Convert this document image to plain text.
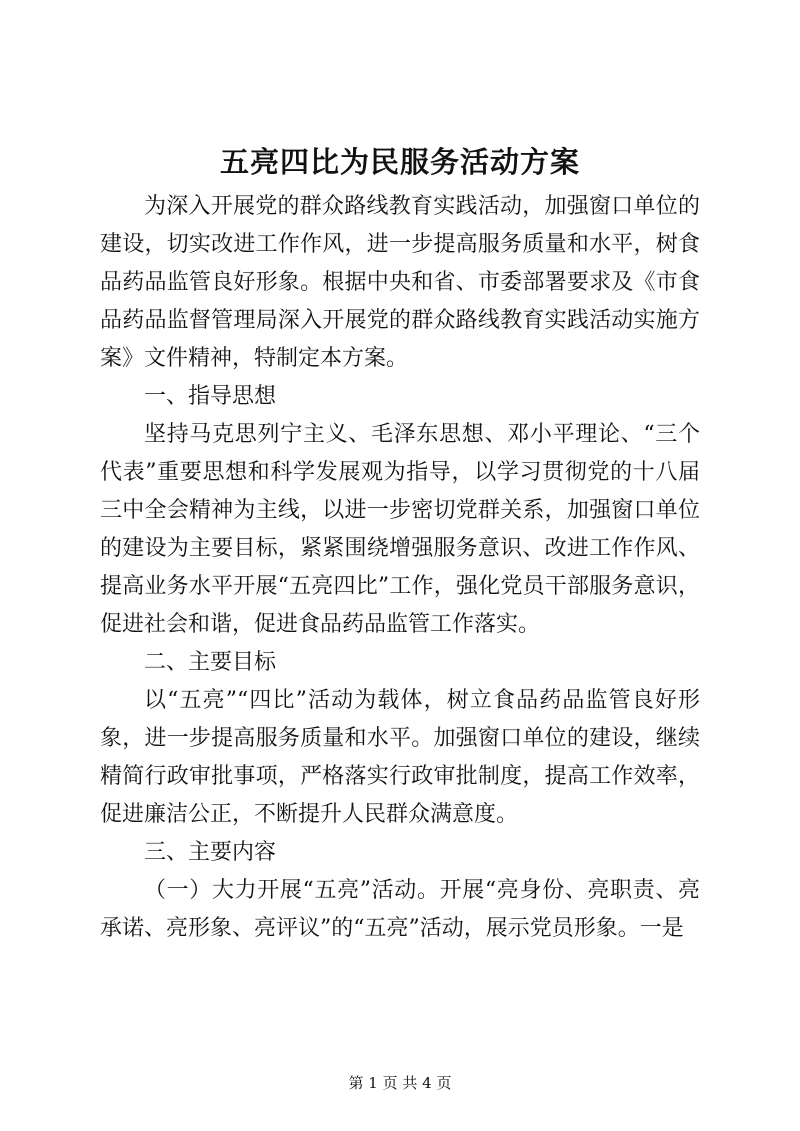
五亮四比为民服务活动方案

为深入开展党的群众路线教育实践活动，加强窗口单位的建设，切实改进工作作风，进一步提高服务质量和水平，树食品药品监管良好形象。根据中央和省、市委部署要求及《市食品药品监督管理局深入开展党的群众路线教育实践活动实施方案》文件精神，特制定本方案。

一、指导思想

坚持马克思列宁主义、毛泽东思想、邓小平理论、“三个代表”重要思想和科学发展观为指导，以学习贯彻党的十八届三中全会精神为主线，以进一步密切党群关系，加强窗口单位的建设为主要目标，紧紧围绕增强服务意识、改进工作作风、提高业务水平开展“五亮四比”工作，强化党员干部服务意识，促进社会和谐，促进食品药品监管工作落实。

二、主要目标

以“五亮”“四比”活动为载体，树立食品药品监管良好形象，进一步提高服务质量和水平。加强窗口单位的建设，继续精简行政审批事项，严格落实行政审批制度，提高工作效率，促进廉洁公正，不断提升人民群众满意度。

三、主要内容

（一）大力开展“五亮”活动。开展“亮身份、亮职责、亮承诺、亮形象、亮评议”的“五亮”活动，展示党员形象。一是

第 1 页 共 4 页
